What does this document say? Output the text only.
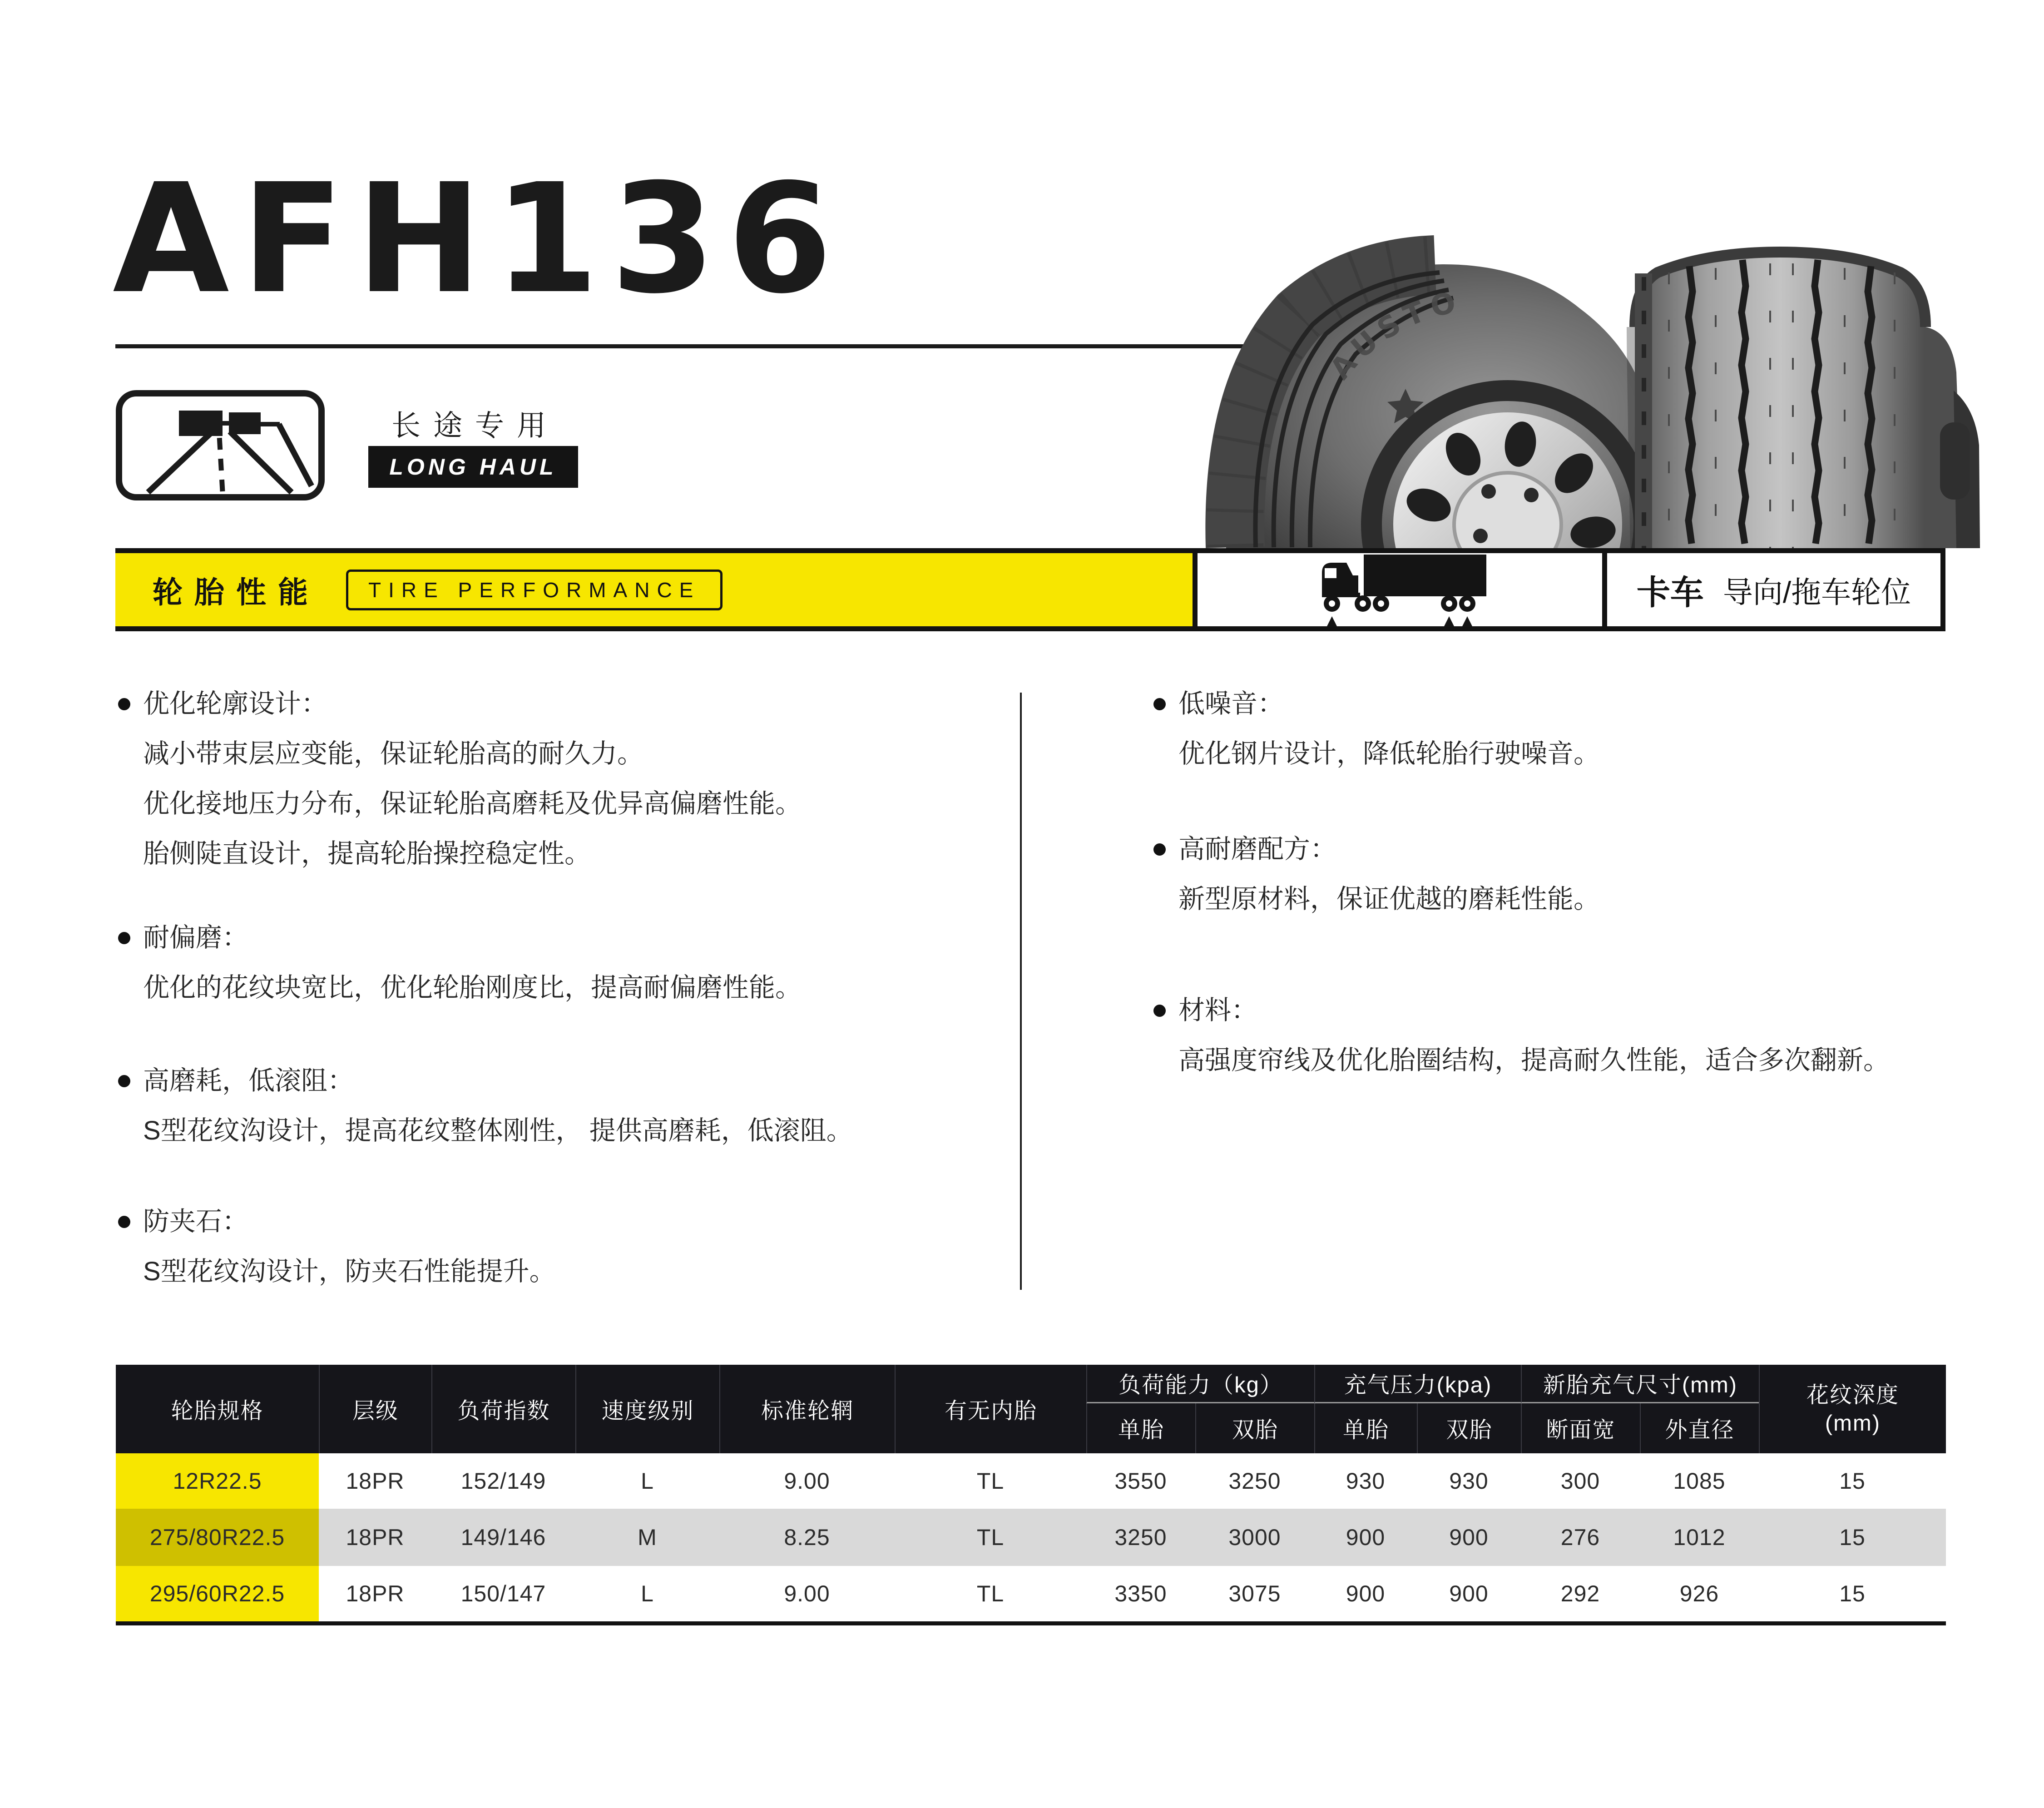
AFH136
长途专用
LONG HAUL
AUSTO
轮胎性能	TIRE PERFORMANCE	卡车 导向/拖车轮位
优化轮廓设计：
减小带束层应变能，保证轮胎高的耐久力。
优化接地压力分布，保证轮胎高磨耗及优异高偏磨性能。
胎侧陡直设计，提高轮胎操控稳定性。
耐偏磨：
优化的花纹块宽比，优化轮胎刚度比，提高耐偏磨性能。
高磨耗，低滚阻：
S型花纹沟设计，提高花纹整体刚性， 提供高磨耗，低滚阻。
防夹石：
S型花纹沟设计，防夹石性能提升。
低噪音：
优化钢片设计，降低轮胎行驶噪音。
高耐磨配方：
新型原材料，保证优越的磨耗性能。
材料：
高强度帘线及优化胎圈结构，提高耐久性能，适合多次翻新。
轮胎规格	层级	负荷指数	速度级别	标准轮辋	有无内胎
负荷能力（kg）	充气压力(kpa)	新胎充气尺寸(mm)	花纹深度
(mm)
单胎	双胎	单胎	双胎	断面宽	外直径
12R22.5	18PR	152/149	L	9.00	TL	3550	3250	930	930	300	1085	15
275/80R22.5	18PR	149/146	M	8.25	TL	3250	3000	900	900	276	1012	15
295/60R22.5	18PR	150/147	L	9.00	TL	3350	3075	900	900	292	926	15
